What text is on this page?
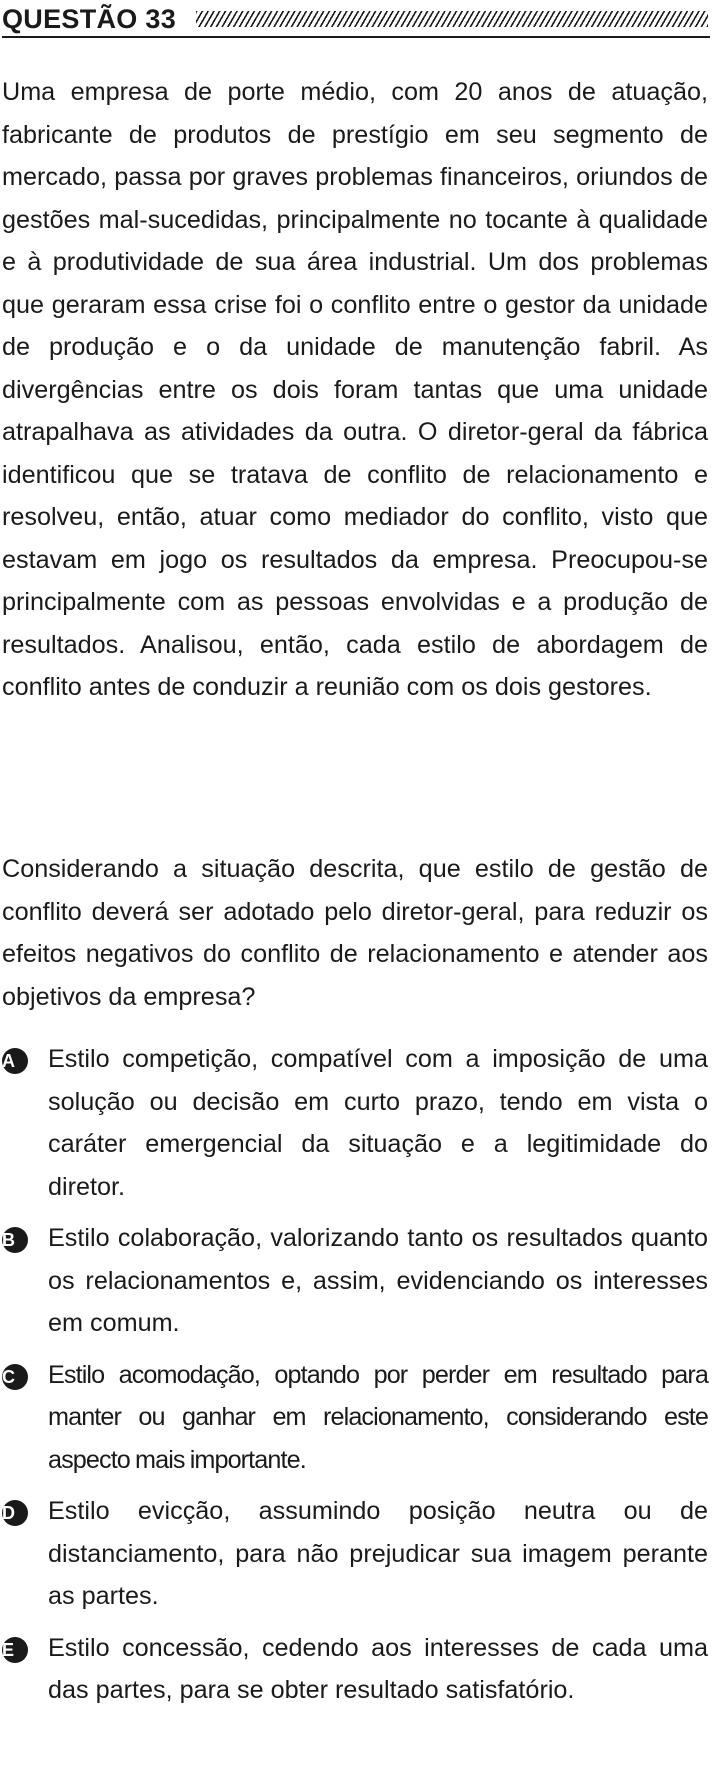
QUESTÃO 33

Uma empresa de porte médio, com 20 anos de atuação, fabricante de produtos de prestígio em seu segmento de mercado, passa por graves problemas financeiros, oriundos de gestões mal-sucedidas, principalmente no tocante à qualidade e à produtividade de sua área industrial. Um dos problemas que geraram essa crise foi o conflito entre o gestor da unidade de produção e o da unidade de manutenção fabril. As divergências entre os dois foram tantas que uma unidade atrapalhava as atividades da outra. O diretor-geral da fábrica identificou que se tratava de conflito de relacionamento e resolveu, então, atuar como mediador do conflito, visto que estavam em jogo os resultados da empresa. Preocupou-se principalmente com as pessoas envolvidas e a produção de resultados. Analisou, então, cada estilo de abordagem de conflito antes de conduzir a reunião com os dois gestores.

Considerando a situação descrita, que estilo de gestão de conflito deverá ser adotado pelo diretor-geral, para reduzir os efeitos negativos do conflito de relacionamento e atender aos objetivos da empresa?

A	Estilo competição, compatível com a imposição de uma solução ou decisão em curto prazo, tendo em vista o caráter emergencial da situação e a legitimidade do diretor.
B	Estilo colaboração, valorizando tanto os resultados quanto os relacionamentos e, assim, evidenciando os interesses em comum.
C	Estilo acomodação, optando por perder em resultado para manter ou ganhar em relacionamento, considerando este aspecto mais importante.
D	Estilo evicção, assumindo posição neutra ou de distanciamento, para não prejudicar sua imagem perante as partes.
E	Estilo concessão, cedendo aos interesses de cada uma das partes, para se obter resultado satisfatório.
